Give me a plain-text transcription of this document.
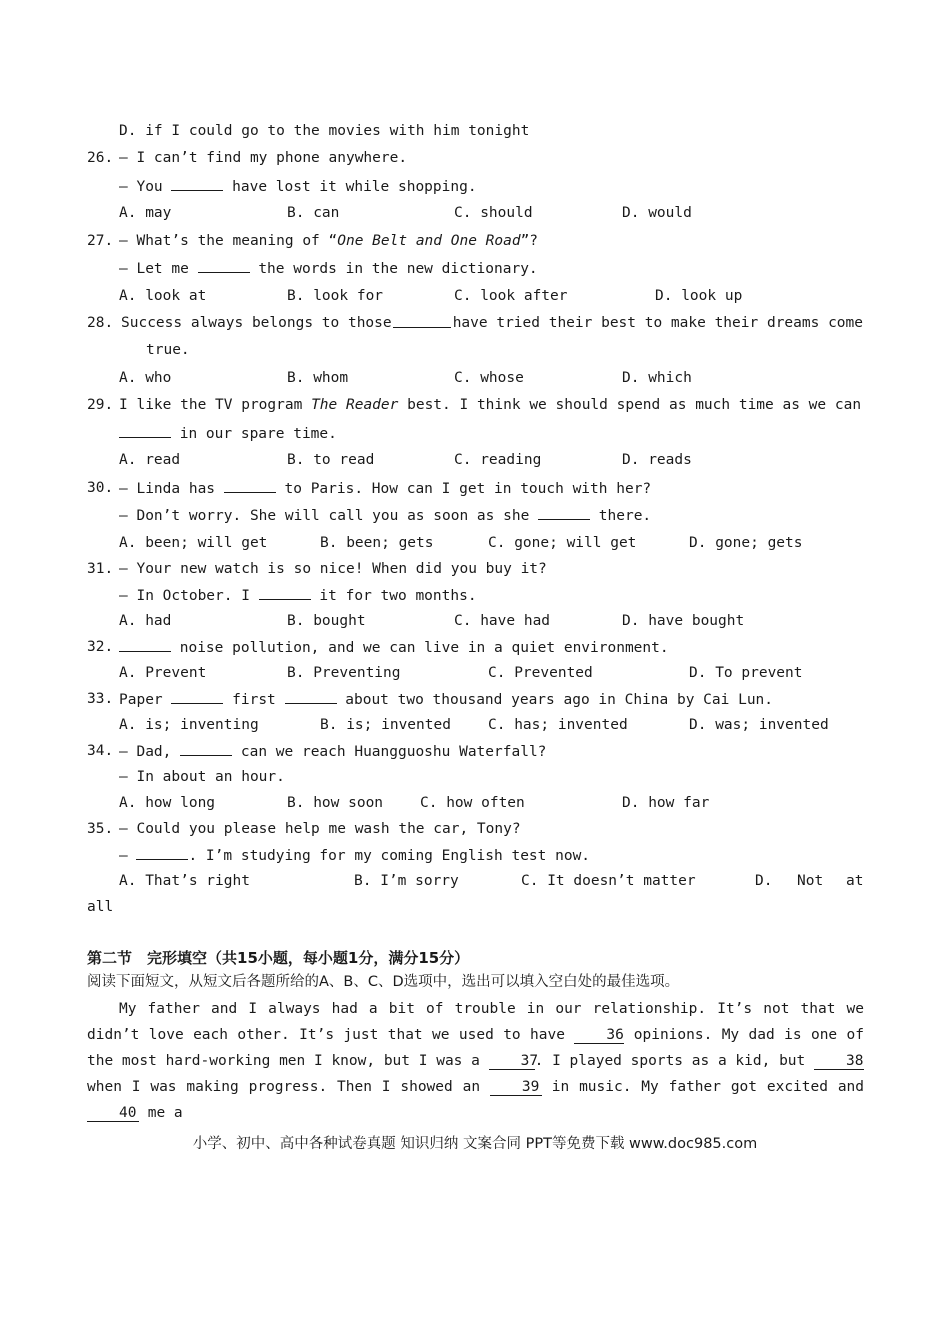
D. if I could go to the movies with him tonight
26. — I can’t find my phone anywhere.
— You	have lost it while shopping.
A. may	B. can	C. should	D. would
27. — What’s the meaning of “One Belt and One Road”?
— Let me	the words in the new dictionary.
A. look at	B. look for	C. look after	D. look up
28. Success always belongs to those	have tried their best to make their dreams come
true.
A. who	B. whom	C. whose	D. which
29. I like the TV program The Reader best. I think we should spend as much time as we can
in our spare time.
A. read	B. to read	C. reading	D. reads
30. — Linda has	to Paris. How can I get in touch with her?
— Don’t worry. She will call you as soon as she	there.
A. been; will get	B. been; gets	C. gone; will get	D. gone; gets
31. — Your new watch is so nice! When did you buy it?
— In October. I	it for two months.
A. had	B. bought	C. have had	D. have bought
32.	noise pollution, and we can live in a quiet environment.
A. Prevent	B. Preventing	C. Prevented	D. To prevent
33. Paper	first	about two thousand years ago in China by Cai Lun.
A. is; inventing	B. is; invented	C. has; invented	D. was; invented
34. — Dad,	can we reach Huangguoshu Waterfall?
— In about an hour.
A. how long	B. how soon	C. how often	D. how far
35. — Could you please help me wash the car, Tony?
—	. I’m studying for my coming English test now.
A. That’s right	B. I’m sorry	C. It doesn’t matter	D. Not at
all
第二节　完形填空（共15小题，每小题1分，满分15分）
阅读下面短文，从短文后各题所给的A、B、C、D选项中，选出可以填入空白处的最佳选项。
My father and I always had a bit of trouble in our relationship. It’s not that we didn’t love each other. It’s just that we used to have	36 opinions. My dad is one of the most hard-working men I know, but I was a	37. I played sports as a kid, but	38 when I was making progress. Then I showed an	39 in music. My father got excited and 40 me a
小学、初中、高中各种试卷真题 知识归纳 文案合同 PPT等免费下载 www.doc985.com
